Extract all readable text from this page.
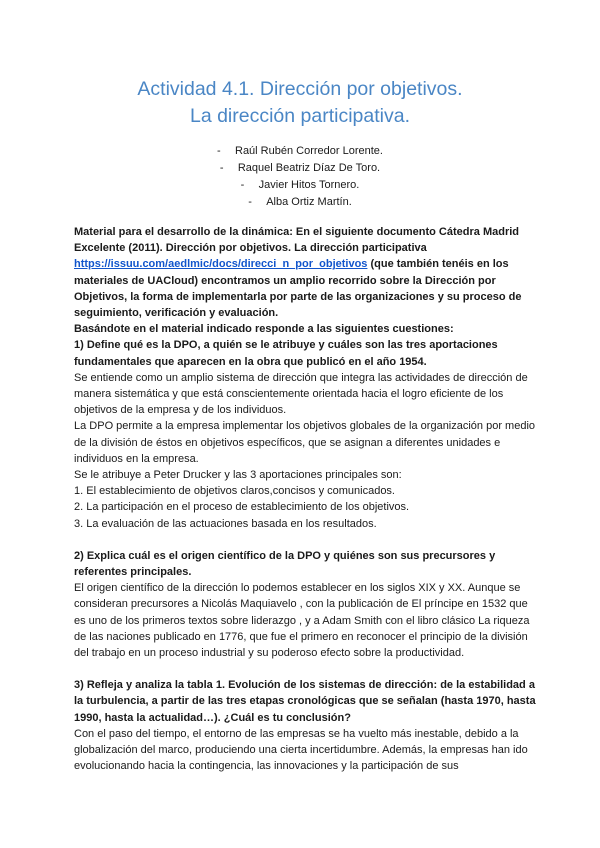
Actividad 4.1. Dirección por objetivos.
La dirección participativa.
- Raúl Rubén Corredor Lorente.
- Raquel Beatriz Díaz De Toro.
- Javier Hitos Tornero.
- Alba Ortiz Martín.

Material para el desarrollo de la dinámica: En el siguiente documento Cátedra Madrid Excelente (2011). Dirección por objetivos. La dirección participativa https://issuu.com/aedlmic/docs/direcci_n_por_objetivos (que también tenéis en los materiales de UACloud) encontramos un amplio recorrido sobre la Dirección por Objetivos, la forma de implementarla por parte de las organizaciones y su proceso de seguimiento, verificación y evaluación.

Basándote en el material indicado responde a las siguientes cuestiones:

1) Define qué es la DPO, a quién se le atribuye y cuáles son las tres aportaciones fundamentales que aparecen en la obra que publicó en el año 1954.

Se entiende como un amplio sistema de dirección que integra las actividades de dirección de manera sistemática y que está conscientemente orientada hacia el logro eficiente de los objetivos de la empresa y de los individuos.

La DPO permite a la empresa implementar los objetivos globales de la organización por medio de la división de éstos en objetivos específicos, que se asignan a diferentes unidades e individuos en la empresa.

Se le atribuye a Peter Drucker y las 3 aportaciones principales son:

1. El establecimiento de objetivos claros,concisos y comunicados.

2. La participación en el proceso de establecimiento de los objetivos.

3. La evaluación de las actuaciones basada en los resultados.

2) Explica cuál es el origen científico de la DPO y quiénes son sus precursores y referentes principales.

El origen científico de la dirección lo podemos establecer en los siglos XIX y XX. Aunque se consideran precursores a Nicolás Maquiavelo , con la publicación de El príncipe en 1532 que es uno de los primeros textos sobre liderazgo , y a Adam Smith con el libro clásico La riqueza de las naciones publicado en 1776, que fue el primero en reconocer el principio de la división del trabajo en un proceso industrial y su poderoso efecto sobre la productividad.

3) Refleja y analiza la tabla 1. Evolución de los sistemas de dirección: de la estabilidad a la turbulencia, a partir de las tres etapas cronológicas que se señalan (hasta 1970, hasta 1990, hasta la actualidad…). ¿Cuál es tu conclusión?

Con el paso del tiempo, el entorno de las empresas se ha vuelto más inestable, debido a la globalización del marco, produciendo una cierta incertidumbre. Además, la empresas han ido evolucionando hacia la contingencia, las innovaciones y la participación de sus
